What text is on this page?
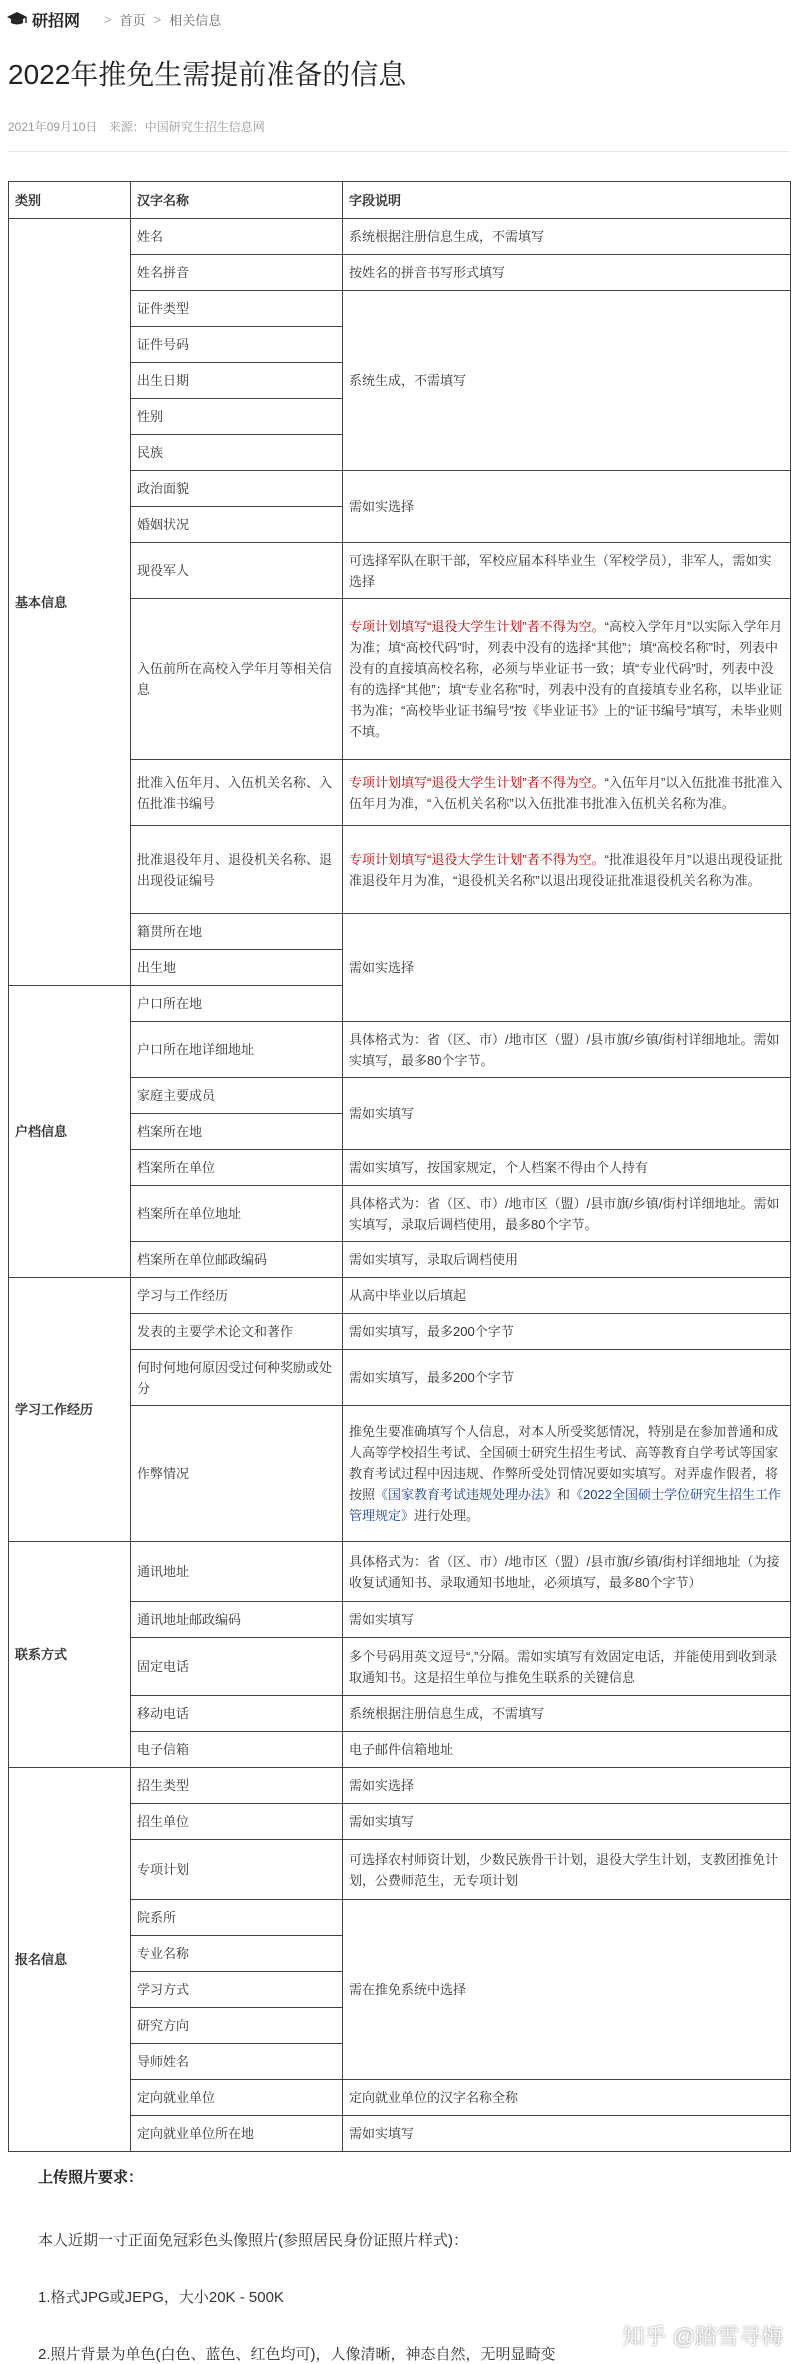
研招网 > 首页 > 相关信息
2022年推免生需提前准备的信息
2021年09月10日 来源：中国研究生招生信息网
类别	汉字名称	字段说明
基本信息	姓名	系统根据注册信息生成，不需填写
	姓名拼音	按姓名的拼音书写形式填写
	证件类型	系统生成，不需填写
	证件号码	
	出生日期	
	性别	
	民族	
	政治面貌	需如实选择
	婚姻状况	
	现役军人	可选择军队在职干部，军校应届本科毕业生（军校学员），非军人，需如实选择
	入伍前所在高校入学年月等相关信息	专项计划填写“退役大学生计划”者不得为空。“高校入学年月”以实际入学年月为准；填“高校代码”时，列表中没有的选择“其他”；填“高校名称”时，列表中没有的直接填高校名称，必须与毕业证书一致；填“专业代码”时，列表中没有的选择“其他”；填“专业名称”时，列表中没有的直接填专业名称，以毕业证书为准；“高校毕业证书编号”按《毕业证书》上的“证书编号”填写，未毕业则不填。
	批准入伍年月、入伍机关名称、入伍批准书编号	专项计划填写“退役大学生计划”者不得为空。“入伍年月”以入伍批准书批准入伍年月为准，“入伍机关名称”以入伍批准书批准入伍机关名称为准。
	批准退役年月、退役机关名称、退出现役证编号	专项计划填写“退役大学生计划”者不得为空。“批准退役年月”以退出现役证批准退役年月为准，“退役机关名称”以退出现役证批准退役机关名称为准。
	籍贯所在地	需如实选择
	出生地	
户档信息	户口所在地	
	户口所在地详细地址	具体格式为：省（区、市）/地市区（盟）/县市旗/乡镇/街村详细地址。需如实填写，最多80个字节。
	家庭主要成员	需如实填写
	档案所在地	
	档案所在单位	需如实填写，按国家规定，个人档案不得由个人持有
	档案所在单位地址	具体格式为：省（区、市）/地市区（盟）/县市旗/乡镇/街村详细地址。需如实填写，录取后调档使用，最多80个字节。
	档案所在单位邮政编码	需如实填写，录取后调档使用
学习工作经历	学习与工作经历	从高中毕业以后填起
	发表的主要学术论文和著作	需如实填写，最多200个字节
	何时何地何原因受过何种奖励或处分	需如实填写，最多200个字节
	作弊情况	推免生要准确填写个人信息，对本人所受奖惩情况，特别是在参加普通和成人高等学校招生考试、全国硕士研究生招生考试、高等教育自学考试等国家教育考试过程中因违规、作弊所受处罚情况要如实填写。对弄虚作假者，将按照《国家教育考试违规处理办法》和《2022全国硕士学位研究生招生工作管理规定》进行处理。
联系方式	通讯地址	具体格式为：省（区、市）/地市区（盟）/县市旗/乡镇/街村详细地址（为接收复试通知书、录取通知书地址，必须填写，最多80个字节）
	通讯地址邮政编码	需如实填写
	固定电话	多个号码用英文逗号“,”分隔。需如实填写有效固定电话，并能使用到收到录取通知书。这是招生单位与推免生联系的关键信息
	移动电话	系统根据注册信息生成，不需填写
	电子信箱	电子邮件信箱地址
报名信息	招生类型	需如实选择
	招生单位	需如实填写
	专项计划	可选择农村师资计划，少数民族骨干计划，退役大学生计划，支教团推免计划，公费师范生，无专项计划
	院系所	需在推免系统中选择
	专业名称	
	学习方式	
	研究方向	
	导师姓名	
	定向就业单位	定向就业单位的汉字名称全称
	定向就业单位所在地	需如实填写

上传照片要求：

本人近期一寸正面免冠彩色头像照片(参照居民身份证照片样式)：

1.格式JPG或JEPG，大小20K - 500K

2.照片背景为单色(白色、蓝色、红色均可)，人像清晰，神态自然，无明显畸变

知乎 @踏雪寻梅
